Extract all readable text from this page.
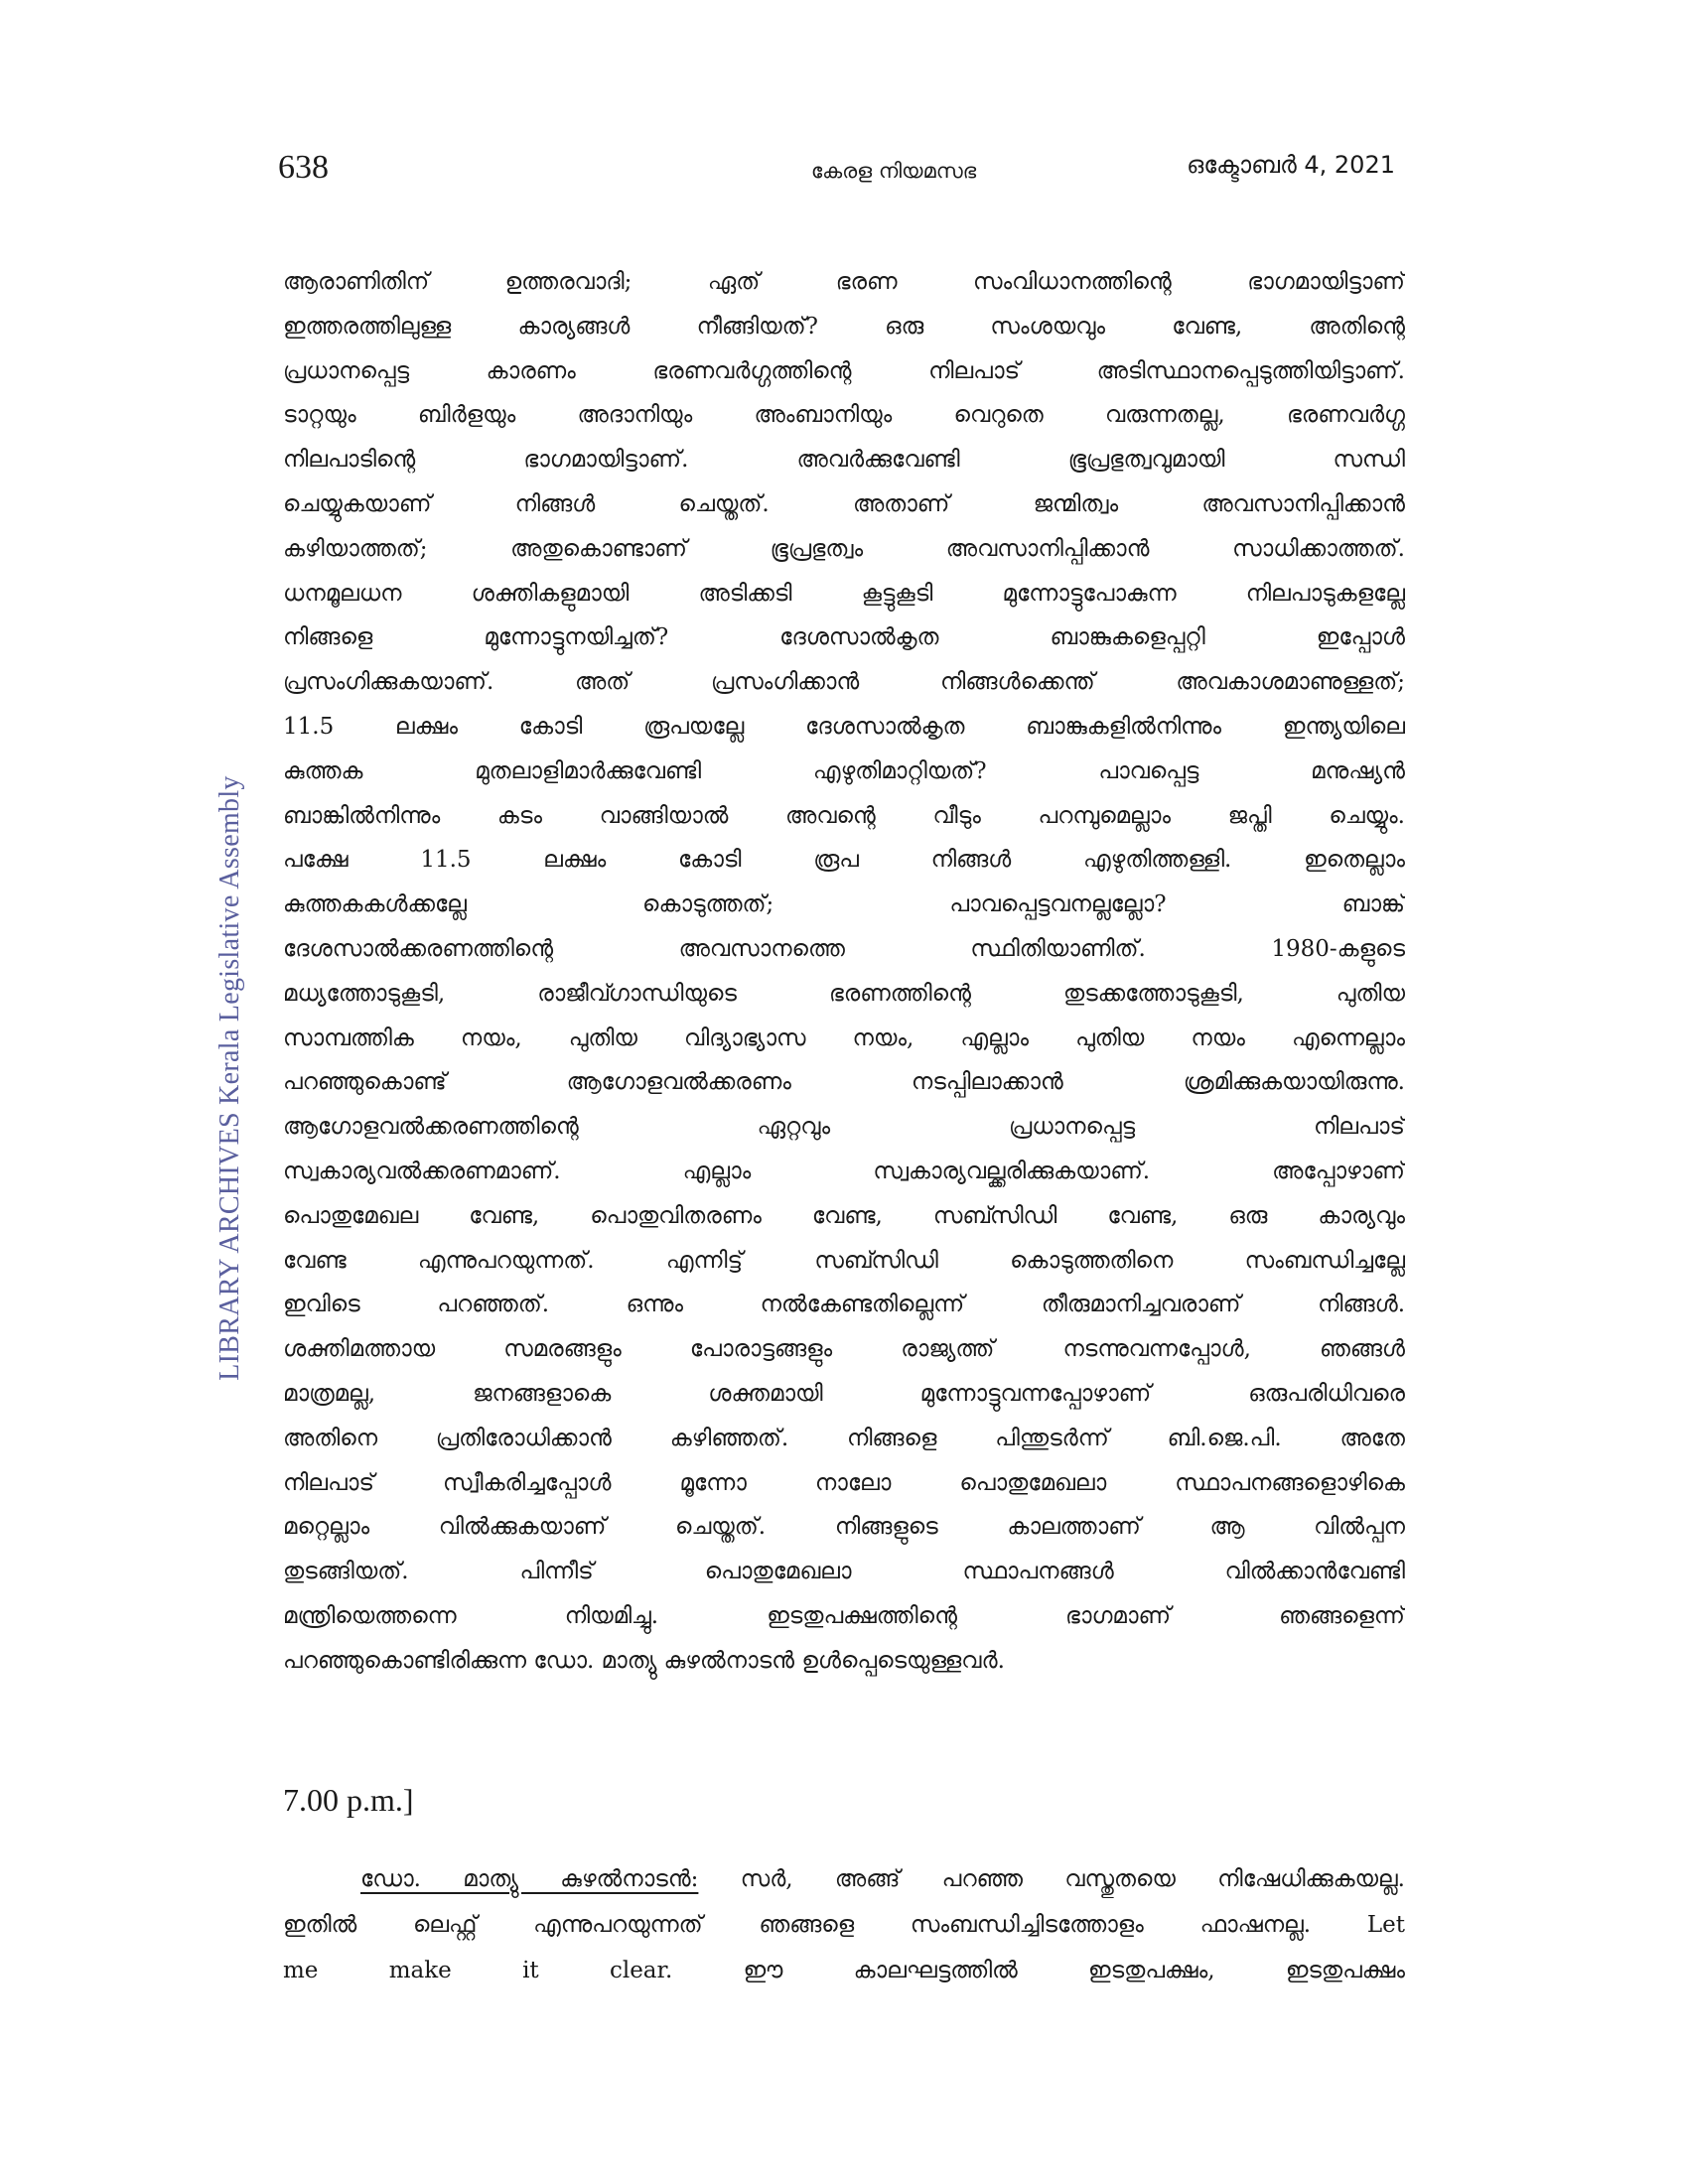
638	കേരള നിയമസഭ	ഒക്ടോബർ 4, 2021
LIBRARY ARCHIVES Kerala Legislative Assembly
ആരാണിതിന് ഉത്തരവാദി; ഏത് ഭരണ സംവിധാനത്തിന്റെ ഭാഗമായിട്ടാണ്
ഇത്തരത്തിലുള്ള കാര്യങ്ങൾ നീങ്ങിയത്? ഒരു സംശയവും വേണ്ട, അതിന്റെ
പ്രധാനപ്പെട്ട കാരണം ഭരണവർഗ്ഗത്തിന്റെ നിലപാട് അടിസ്ഥാനപ്പെടുത്തിയിട്ടാണ്.
ടാറ്റയും ബിർളയും അദാനിയും അംബാനിയും വെറുതെ വരുന്നതല്ല, ഭരണവർഗ്ഗ
നിലപാടിന്റെ ഭാഗമായിട്ടാണ്. അവർക്കുവേണ്ടി ഭൂപ്രഭുത്വവുമായി സന്ധി
ചെയ്യുകയാണ് നിങ്ങൾ ചെയ്തത്. അതാണ് ജന്മിത്വം അവസാനിപ്പിക്കാൻ
കഴിയാത്തത്; അതുകൊണ്ടാണ് ഭൂപ്രഭുത്വം അവസാനിപ്പിക്കാൻ സാധിക്കാത്തത്.
ധനമൂലധന ശക്തികളുമായി അടിക്കടി കൂട്ടുകൂടി മുന്നോട്ടുപോകുന്ന നിലപാടുകളല്ലേ
നിങ്ങളെ മുന്നോട്ടുനയിച്ചത്? ദേശസാൽകൃത ബാങ്കുകളെപ്പറ്റി ഇപ്പോൾ
പ്രസംഗിക്കുകയാണ്. അത് പ്രസംഗിക്കാൻ നിങ്ങൾക്കെന്ത് അവകാശമാണുള്ളത്;
11.5 ലക്ഷം കോടി രൂപയല്ലേ ദേശസാൽകൃത ബാങ്കുകളിൽനിന്നും ഇന്ത്യയിലെ
കുത്തക മുതലാളിമാർക്കുവേണ്ടി എഴുതിമാറ്റിയത്? പാവപ്പെട്ട മനുഷ്യൻ
ബാങ്കിൽനിന്നും കടം വാങ്ങിയാൽ അവന്റെ വീടും പറമ്പുമെല്ലാം ജപ്തി ചെയ്യും.
പക്ഷേ 11.5 ലക്ഷം കോടി രൂപ നിങ്ങൾ എഴുതിത്തള്ളി. ഇതെല്ലാം
കുത്തകകൾക്കല്ലേ കൊടുത്തത്; പാവപ്പെട്ടവനല്ലല്ലോ? ബാങ്ക്
ദേശസാൽക്കരണത്തിന്റെ അവസാനത്തെ സ്ഥിതിയാണിത്. 1980-കളുടെ
മധ്യത്തോടുകൂടി, രാജീവ്ഗാന്ധിയുടെ ഭരണത്തിന്റെ തുടക്കത്തോടുകൂടി, പുതിയ
സാമ്പത്തിക നയം, പുതിയ വിദ്യാഭ്യാസ നയം, എല്ലാം പുതിയ നയം എന്നെല്ലാം
പറഞ്ഞുകൊണ്ട് ആഗോളവൽക്കരണം നടപ്പിലാക്കാൻ ശ്രമിക്കുകയായിരുന്നു.
ആഗോളവൽക്കരണത്തിന്റെ ഏറ്റവും പ്രധാനപ്പെട്ട നിലപാട്
സ്വകാര്യവൽക്കരണമാണ്. എല്ലാം സ്വകാര്യവല്ക്കരിക്കുകയാണ്. അപ്പോഴാണ്
പൊതുമേഖല വേണ്ട, പൊതുവിതരണം വേണ്ട, സബ്സിഡി വേണ്ട, ഒരു കാര്യവും
വേണ്ട എന്നുപറയുന്നത്. എന്നിട്ട് സബ്സിഡി കൊടുത്തതിനെ സംബന്ധിച്ചല്ലേ
ഇവിടെ പറഞ്ഞത്. ഒന്നും നൽകേണ്ടതില്ലെന്ന് തീരുമാനിച്ചവരാണ് നിങ്ങൾ.
ശക്തിമത്തായ സമരങ്ങളും പോരാട്ടങ്ങളും രാജ്യത്ത് നടന്നുവന്നപ്പോൾ, ഞങ്ങൾ
മാത്രമല്ല, ജനങ്ങളാകെ ശക്തമായി മുന്നോട്ടുവന്നപ്പോഴാണ് ഒരുപരിധിവരെ
അതിനെ പ്രതിരോധിക്കാൻ കഴിഞ്ഞത്. നിങ്ങളെ പിന്തുടർന്ന് ബി.ജെ.പി. അതേ
നിലപാട് സ്വീകരിച്ചപ്പോൾ മൂന്നോ നാലോ പൊതുമേഖലാ സ്ഥാപനങ്ങളൊഴികെ
മറ്റെല്ലാം വിൽക്കുകയാണ് ചെയ്തത്. നിങ്ങളുടെ കാലത്താണ് ആ വിൽപ്പന
തുടങ്ങിയത്. പിന്നീട് പൊതുമേഖലാ സ്ഥാപനങ്ങൾ വിൽക്കാൻവേണ്ടി
മന്ത്രിയെത്തന്നെ നിയമിച്ചു. ഇടതുപക്ഷത്തിന്റെ ഭാഗമാണ് ഞങ്ങളെന്ന്
പറഞ്ഞുകൊണ്ടിരിക്കുന്ന ഡോ. മാത്യു കുഴൽനാടൻ ഉൾപ്പെടെയുള്ളവർ.
7.00 p.m.]
ഡോ. മാത്യു കുഴൽനാടൻ: സർ, അങ്ങ് പറഞ്ഞ വസ്തുതയെ നിഷേധിക്കുകയല്ല.
ഇതിൽ ലെഫ്റ്റ് എന്നുപറയുന്നത് ഞങ്ങളെ സംബന്ധിച്ചിടത്തോളം ഫാഷനല്ല. Let
me make it clear. ഈ കാലഘട്ടത്തിൽ ഇടതുപക്ഷം, ഇടതുപക്ഷം
